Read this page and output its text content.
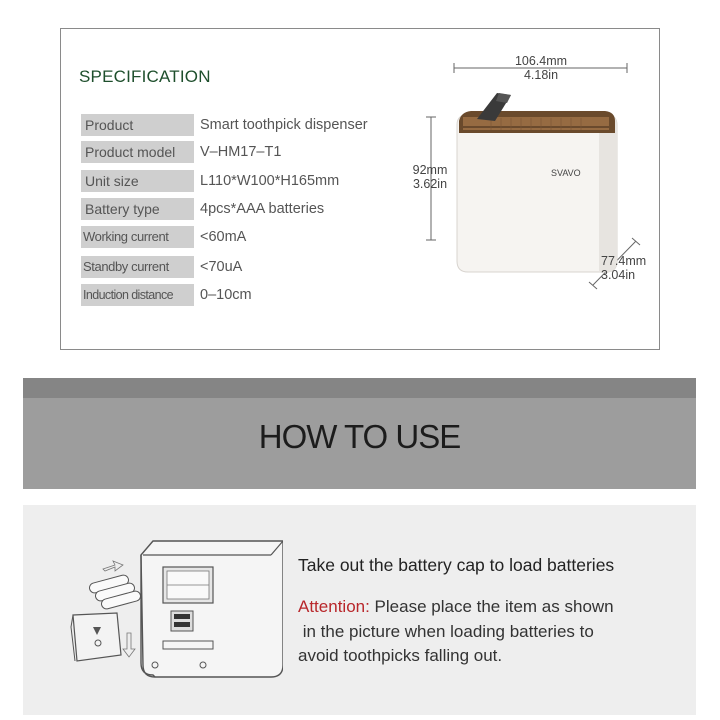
SPECIFICATION
Product	Smart toothpick dispenser
Product model	V–HM17–T1
Unit size	L110*W100*H165mm
Battery type	4pcs*AAA batteries
Working current	<60mA
Standby current	<70uA
Induction distance	0–10cm
SVAVO
106.4mm
4.18in
92mm
3.62in
77.4mm
3.04in
HOW TO USE
Take out the battery cap to load batteries
Attention: Please place the item as shown
in the picture when loading batteries to
avoid toothpicks falling out.
